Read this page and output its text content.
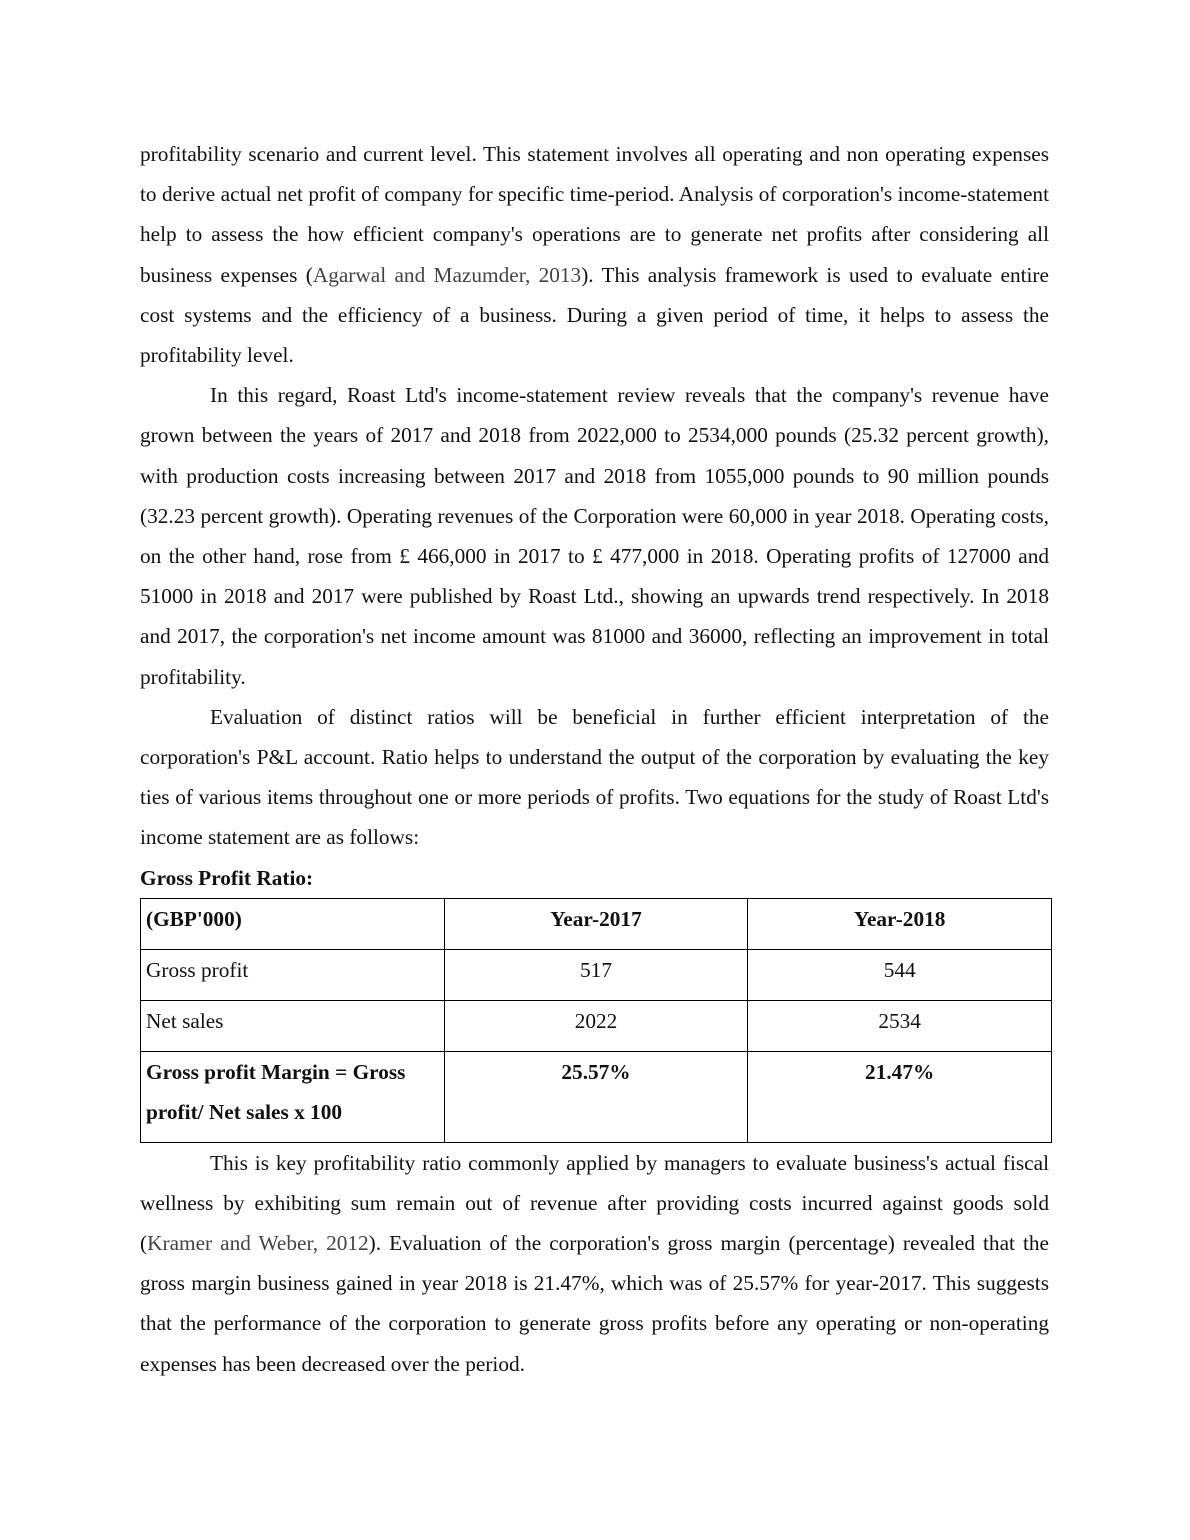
profitability scenario and current level. This statement involves all operating and non operating expenses to derive actual net profit of company for specific time-period. Analysis of corporation's income-statement help to assess the how efficient company's operations are to generate net profits after considering all business expenses (Agarwal and Mazumder, 2013). This analysis framework is used to evaluate entire cost systems and the efficiency of a business. During a given period of time, it helps to assess the profitability level.

In this regard, Roast Ltd's income-statement review reveals that the company's revenue have grown between the years of 2017 and 2018 from 2022,000 to 2534,000 pounds (25.32 percent growth), with production costs increasing between 2017 and 2018 from 1055,000 pounds to 90 million pounds (32.23 percent growth). Operating revenues of the Corporation were 60,000 in year 2018. Operating costs, on the other hand, rose from £ 466,000 in 2017 to £ 477,000 in 2018. Operating profits of 127000 and 51000 in 2018 and 2017 were published by Roast Ltd., showing an upwards trend respectively. In 2018 and 2017, the corporation's net income amount was 81000 and 36000, reflecting an improvement in total profitability.

Evaluation of distinct ratios will be beneficial in further efficient interpretation of the corporation's P&L account. Ratio helps to understand the output of the corporation by evaluating the key ties of various items throughout one or more periods of profits. Two equations for the study of Roast Ltd's income statement are as follows:

Gross Profit Ratio:
(GBP'000)	Year-2017	Year-2018
Gross profit	517	544
Net sales	2022	2534
Gross profit Margin = Gross profit/ Net sales x 100	25.57%	21.47%

This is key profitability ratio commonly applied by managers to evaluate business's actual fiscal wellness by exhibiting sum remain out of revenue after providing costs incurred against goods sold (Kramer and Weber, 2012). Evaluation of the corporation's gross margin (percentage) revealed that the gross margin business gained in year 2018 is 21.47%, which was of 25.57% for year-2017. This suggests that the performance of the corporation to generate gross profits before any operating or non-operating expenses has been decreased over the period.
